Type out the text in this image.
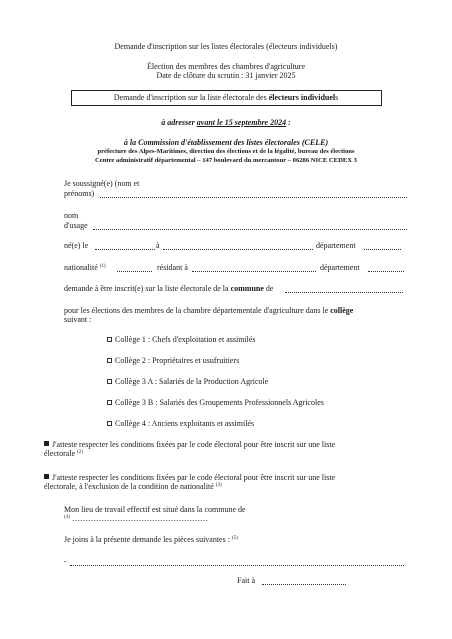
Demande d'inscription sur les listes électorales (électeurs individuels)
Élection des membres des chambres d'agriculture
Date de clôture du scrutin : 31 janvier 2025
Demande d'inscription sur la liste électorale des électeurs individuels
à adresser avant le 15 septembre 2024 :
à la Commission d'établissement des listes électorales (CELE)
préfecture des Alpes-Maritimes, direction des élections et de la légalité, bureau des élections
Centre administratif départemental – 147 boulevard du mercantour – 06286 NICE CEDEX 3
Je soussigné(e) (nom et
prénoms)
nom
d'usage
né(e) le	à	département
nationalité $^{(1)}$	résidant à	département
demande à être inscrit(e) sur la liste électorale de la commune de
pour les élections des membres de la chambre départementale d'agriculture dans le collège
suivant :
Collège 1 : Chefs d'exploitation et assimilés
Collège 2 : Propriétaires et usufruitiers
Collège 3 A : Salariés de la Production Agricole
Collège 3 B : Salariés des Groupements Professionnels Agricoles
Collège 4 : Anciens exploitants et assimilés
J'atteste respecter les conditions fixées par le code électoral pour être inscrit sur une liste
électorale $^{(2)}$
J'atteste respecter les conditions fixées par le code électoral pour être inscrit sur une liste
électorale, à l'exclusion de la condition de nationalité $^{(3)}$
Mon lieu de travail effectif est situé dans la commune de
$^{(4)}$ ……………………………………………
Je joins à la présente demande les pièces suivantes : $^{(5)}$
-
Fait à
